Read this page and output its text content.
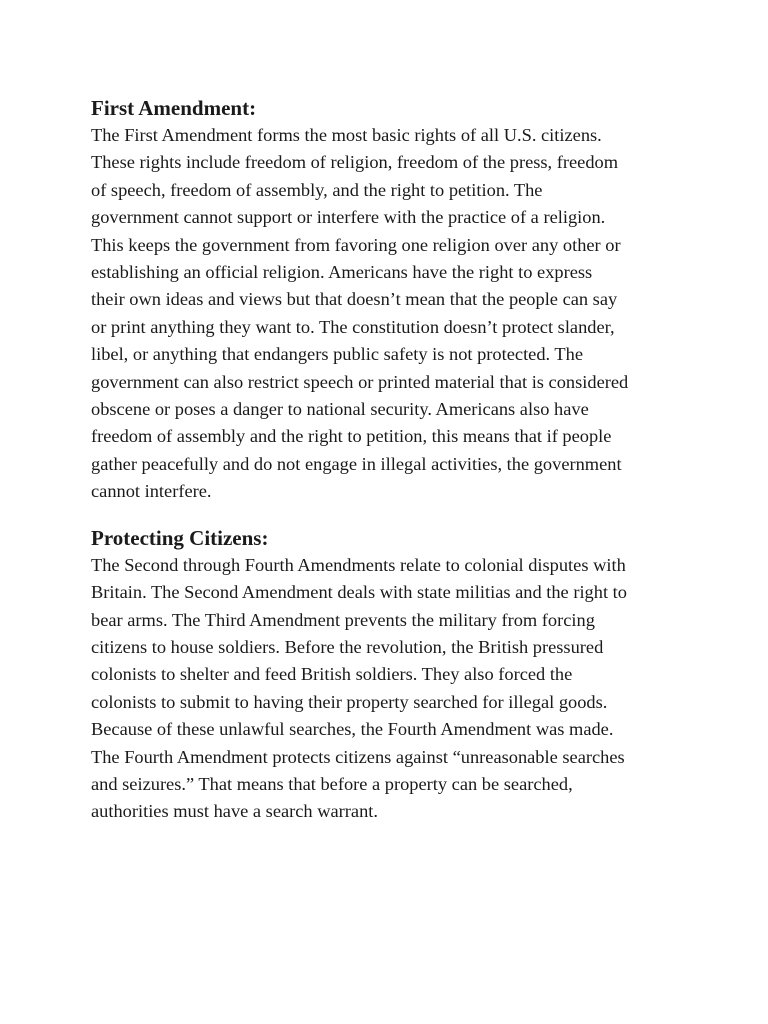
First Amendment:

The First Amendment forms the most basic rights of all U.S. citizens.

These rights include freedom of religion, freedom of the press, freedom

of speech, freedom of assembly, and the right to petition. The

government cannot support or interfere with the practice of a religion.

This keeps the government from favoring one religion over any other or

establishing an official religion. Americans have the right to express

their own ideas and views but that doesn’t mean that the people can say

or print anything they want to. The constitution doesn’t protect slander,

libel, or anything that endangers public safety is not protected. The

government can also restrict speech or printed material that is considered

obscene or poses a danger to national security. Americans also have

freedom of assembly and the right to petition, this means that if people

gather peacefully and do not engage in illegal activities, the government

cannot interfere.

Protecting Citizens:

The Second through Fourth Amendments relate to colonial disputes with

Britain. The Second Amendment deals with state militias and the right to

bear arms. The Third Amendment prevents the military from forcing

citizens to house soldiers. Before the revolution, the British pressured

colonists to shelter and feed British soldiers. They also forced the

colonists to submit to having their property searched for illegal goods.

Because of these unlawful searches, the Fourth Amendment was made.

The Fourth Amendment protects citizens against “unreasonable searches

and seizures.” That means that before a property can be searched,

authorities must have a search warrant.
